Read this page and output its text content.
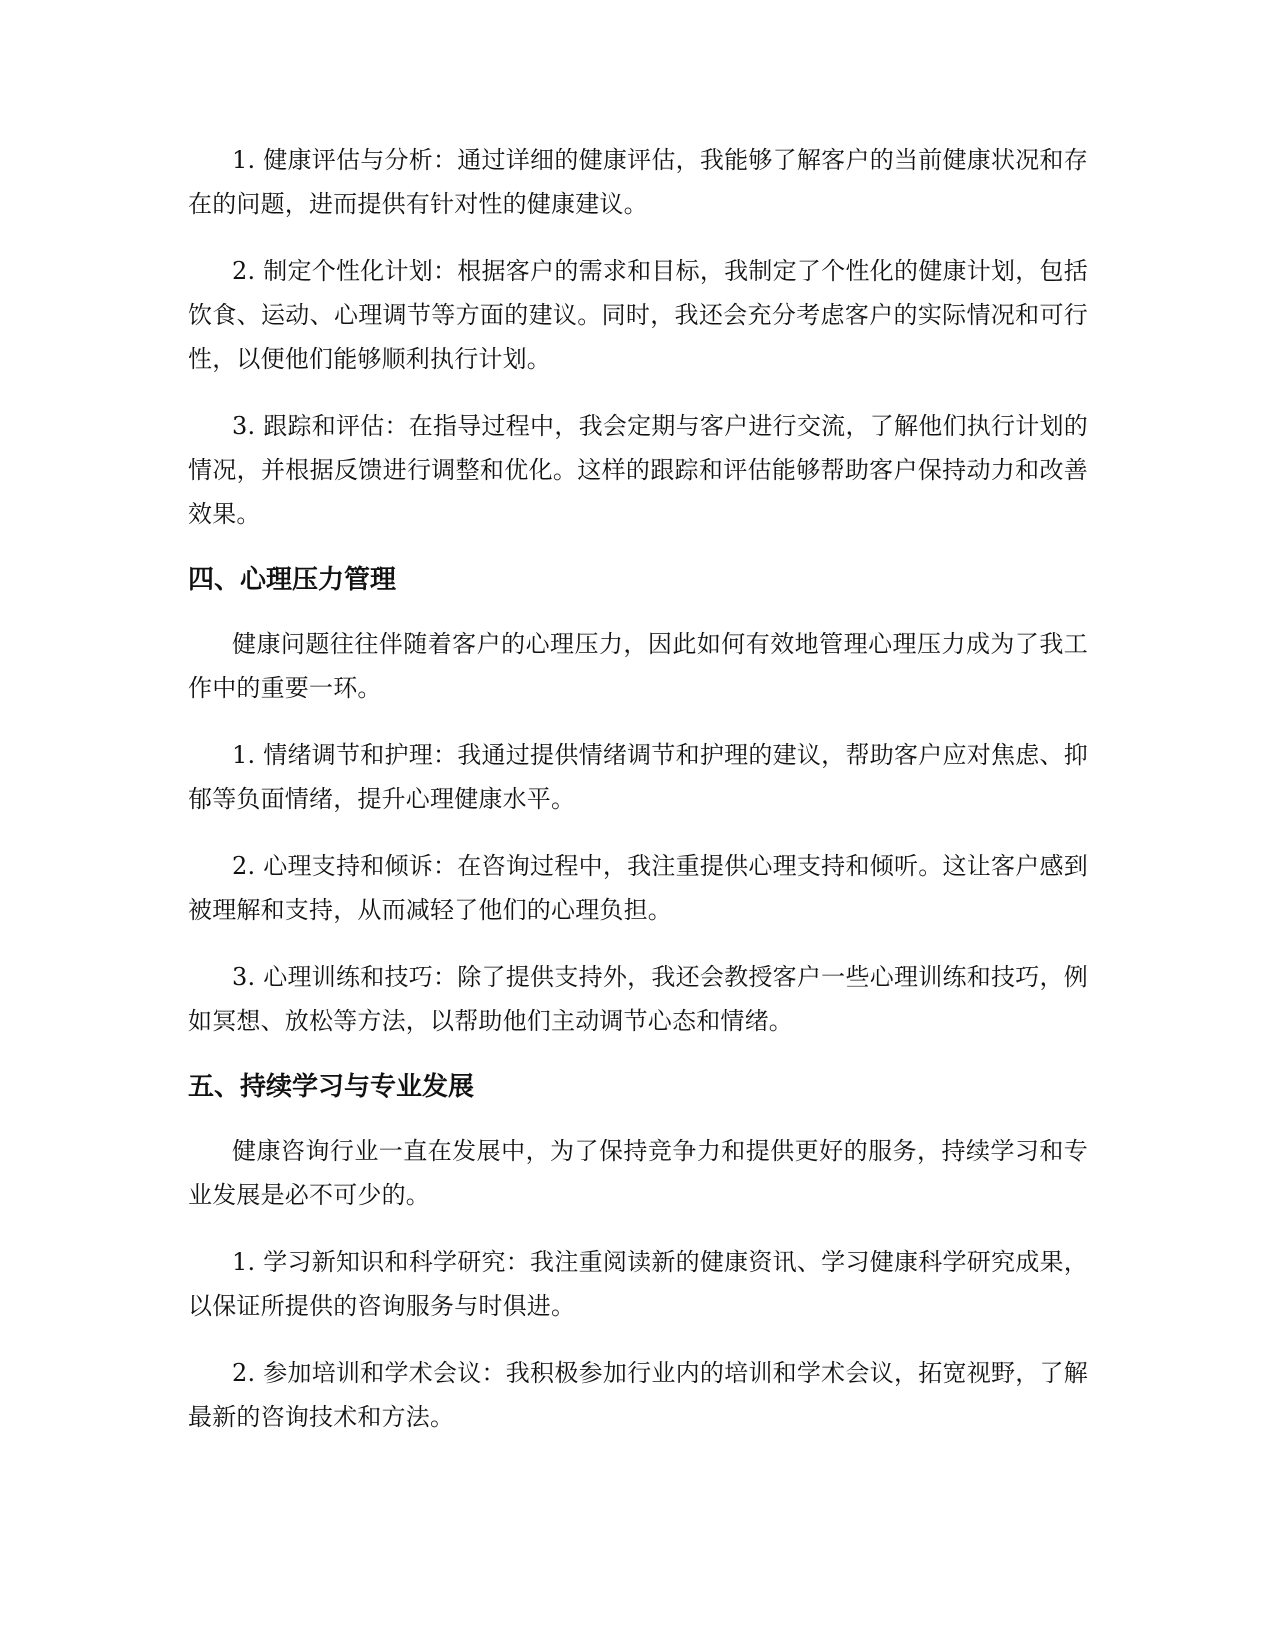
1. 健康评估与分析：通过详细的健康评估，我能够了解客户的当前健康状况和存在的问题，进而提供有针对性的健康建议。

2. 制定个性化计划：根据客户的需求和目标，我制定了个性化的健康计划，包括饮食、运动、心理调节等方面的建议。同时，我还会充分考虑客户的实际情况和可行性，以便他们能够顺利执行计划。

3. 跟踪和评估：在指导过程中，我会定期与客户进行交流，了解他们执行计划的情况，并根据反馈进行调整和优化。这样的跟踪和评估能够帮助客户保持动力和改善效果。

四、心理压力管理

健康问题往往伴随着客户的心理压力，因此如何有效地管理心理压力成为了我工作中的重要一环。

1. 情绪调节和护理：我通过提供情绪调节和护理的建议，帮助客户应对焦虑、抑郁等负面情绪，提升心理健康水平。

2. 心理支持和倾诉：在咨询过程中，我注重提供心理支持和倾听。这让客户感到被理解和支持，从而减轻了他们的心理负担。

3. 心理训练和技巧：除了提供支持外，我还会教授客户一些心理训练和技巧，例如冥想、放松等方法，以帮助他们主动调节心态和情绪。

五、持续学习与专业发展

健康咨询行业一直在发展中，为了保持竞争力和提供更好的服务，持续学习和专业发展是必不可少的。

1. 学习新知识和科学研究：我注重阅读新的健康资讯、学习健康科学研究成果，以保证所提供的咨询服务与时俱进。

2. 参加培训和学术会议：我积极参加行业内的培训和学术会议，拓宽视野，了解最新的咨询技术和方法。
